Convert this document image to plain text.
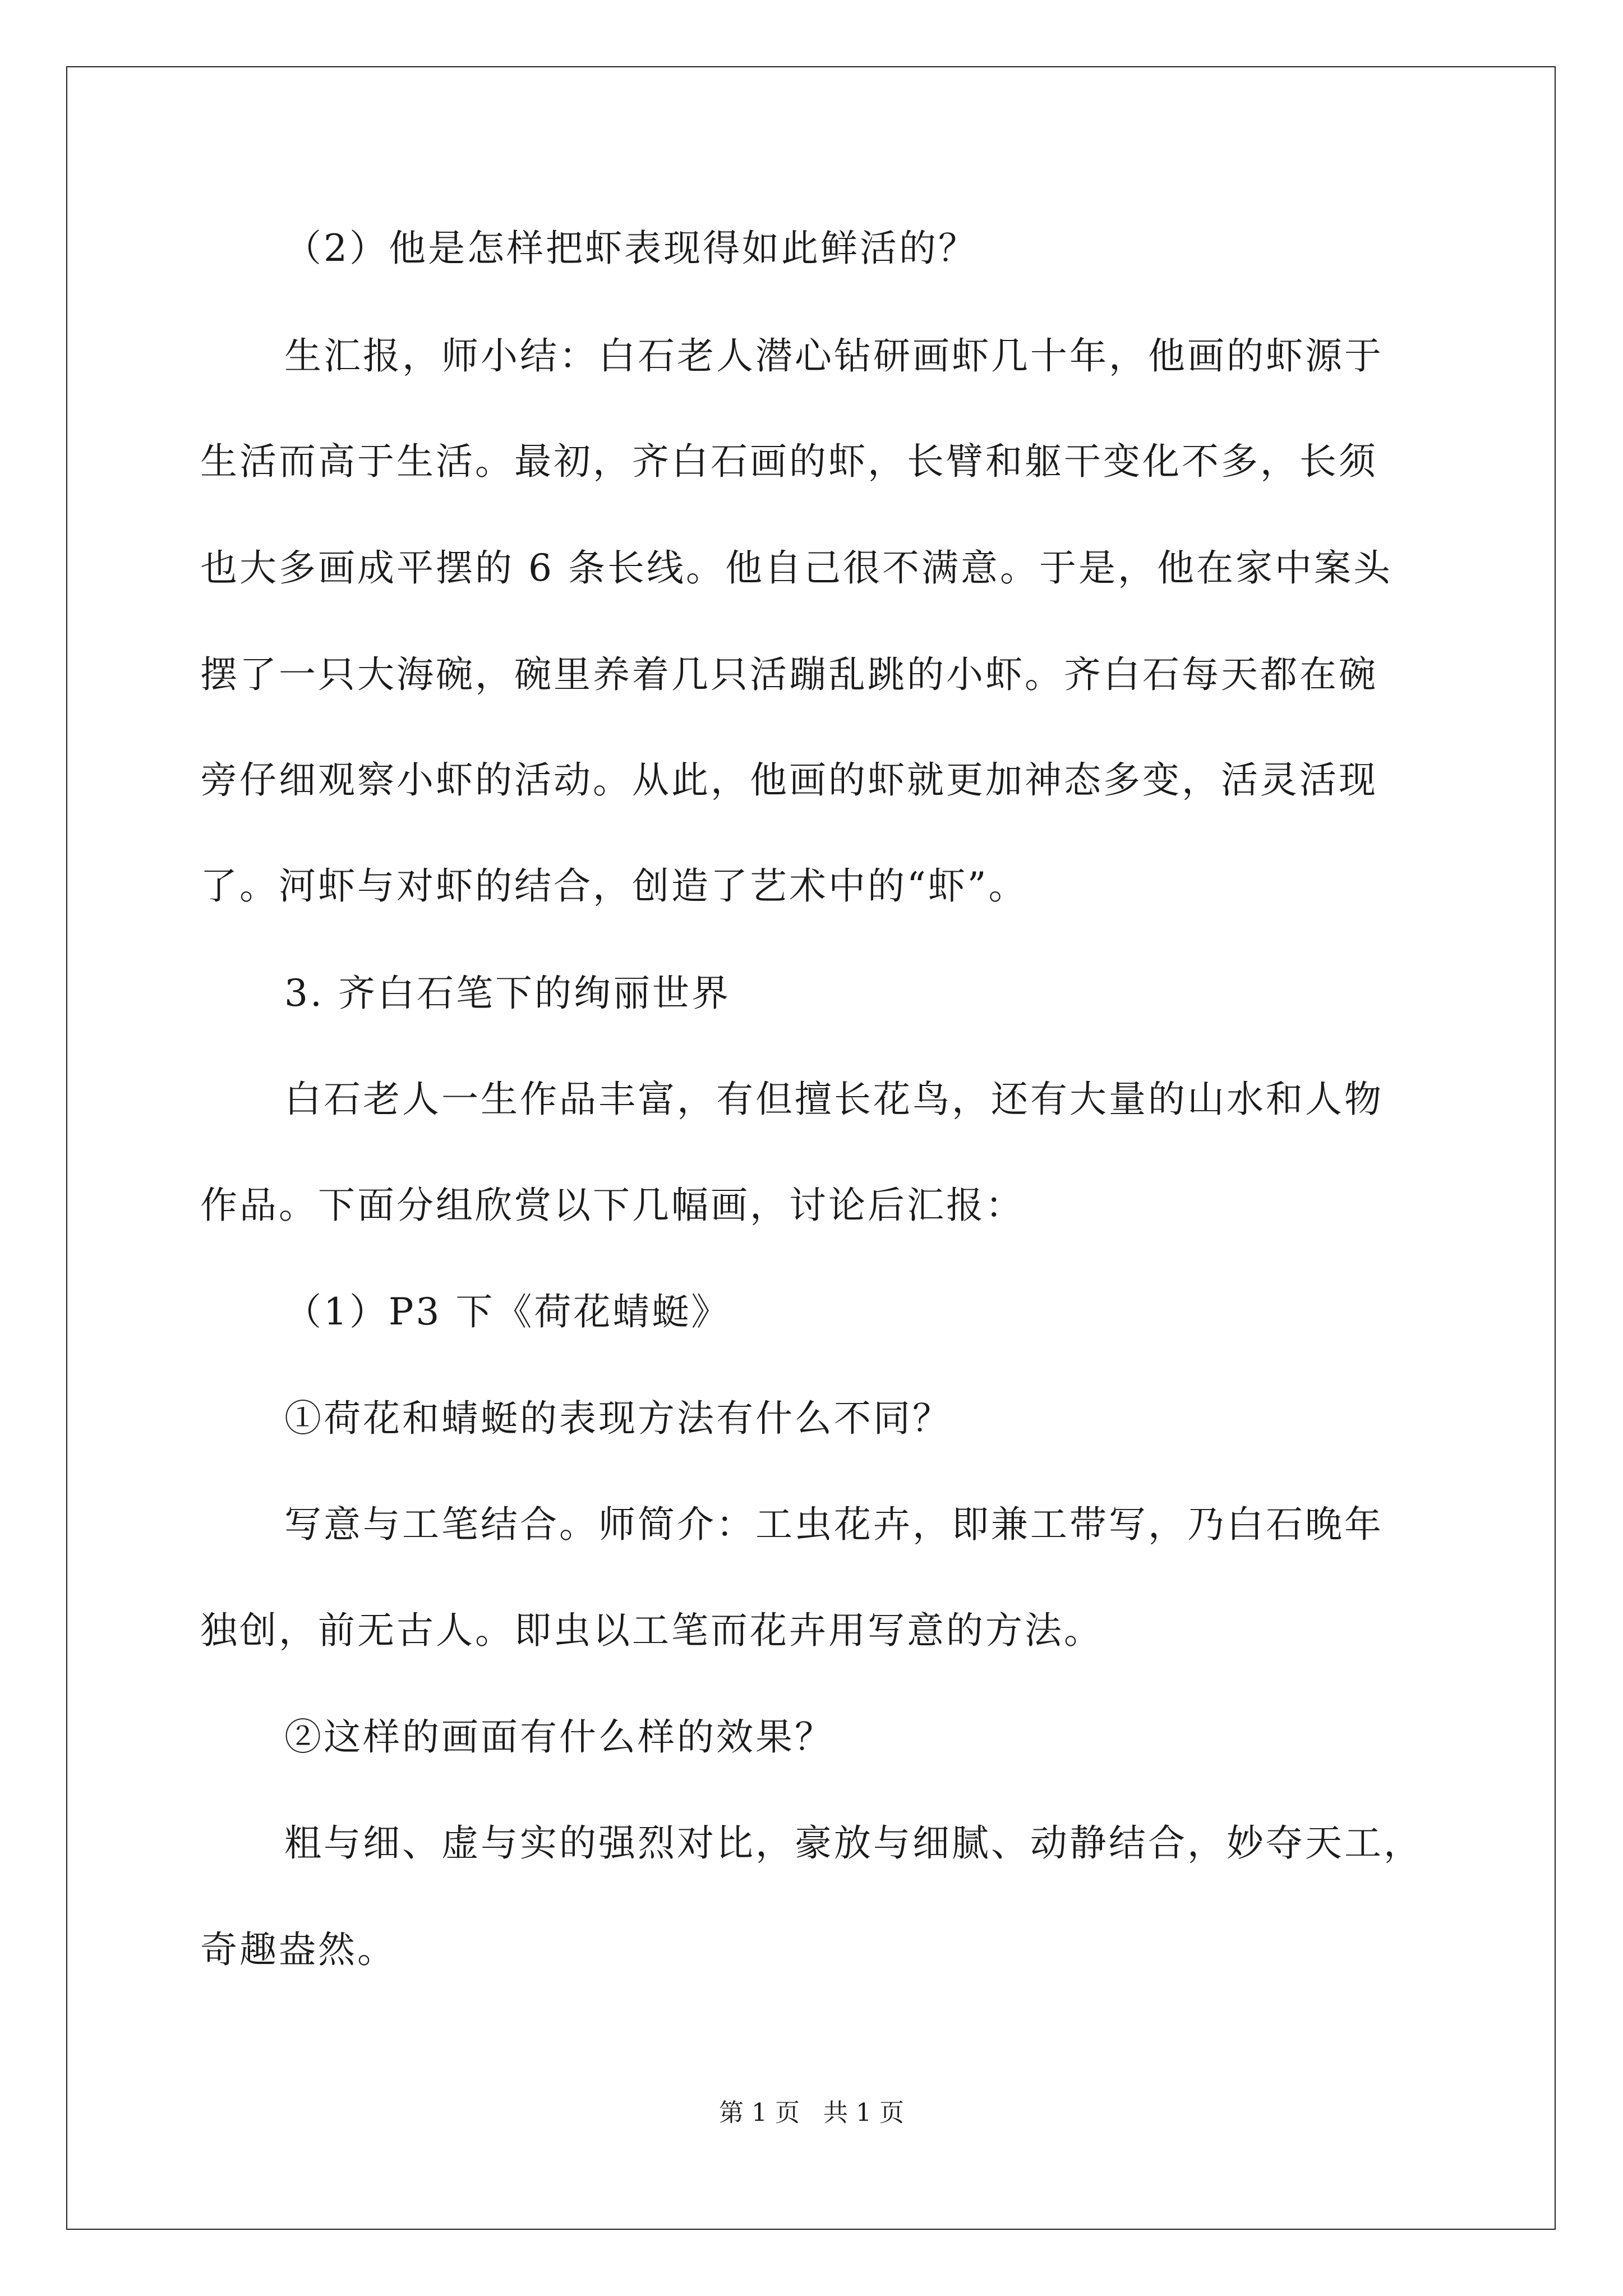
（2）他是怎样把虾表现得如此鲜活的？
生汇报，师小结：白石老人潜心钻研画虾几十年，他画的虾源于
生活而高于生活。最初，齐白石画的虾，长臂和躯干变化不多，长须
也大多画成平摆的 6 条长线。他自己很不满意。于是，他在家中案头
摆了一只大海碗，碗里养着几只活蹦乱跳的小虾。齐白石每天都在碗
旁仔细观察小虾的活动。从此，他画的虾就更加神态多变，活灵活现
了。河虾与对虾的结合，创造了艺术中的“虾”。
3. 齐白石笔下的绚丽世界
白石老人一生作品丰富，有但擅长花鸟，还有大量的山水和人物
作品。下面分组欣赏以下几幅画，讨论后汇报：
（1）P3 下《荷花蜻蜓》
①荷花和蜻蜓的表现方法有什么不同？
写意与工笔结合。师简介：工虫花卉，即兼工带写，乃白石晚年
独创，前无古人。即虫以工笔而花卉用写意的方法。
②这样的画面有什么样的效果？
粗与细、虚与实的强烈对比，豪放与细腻、动静结合，妙夺天工，
奇趣盎然。
第 1 页 共 1 页
